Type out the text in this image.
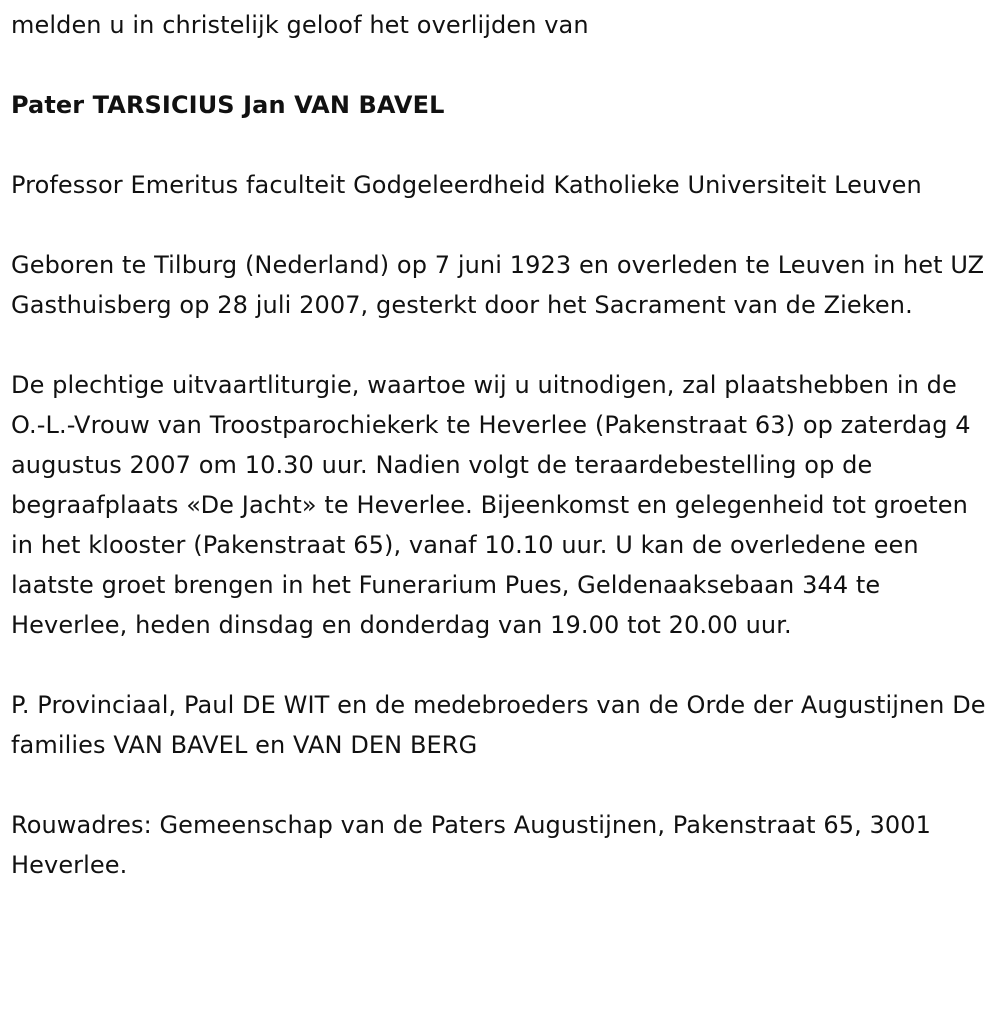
melden u in christelijk geloof het overlijden van

Pater TARSICIUS Jan VAN BAVEL

Professor Emeritus faculteit Godgeleerdheid Katholieke Universiteit Leuven

Geboren te Tilburg (Nederland) op 7 juni 1923 en overleden te Leuven in het UZ Gasthuisberg op 28 juli 2007, gesterkt door het Sacrament van de Zieken.

De plechtige uitvaartliturgie, waartoe wij u uitnodigen, zal plaatshebben in de O.-L.-Vrouw van Troostparochiekerk te Heverlee (Pakenstraat 63) op zaterdag 4 augustus 2007 om 10.30 uur. Nadien volgt de teraardebestelling op de begraafplaats «De Jacht» te Heverlee. Bijeenkomst en gelegenheid tot groeten in het klooster (Pakenstraat 65), vanaf 10.10 uur. U kan de overledene een laatste groet brengen in het Funerarium Pues, Geldenaaksebaan 344 te Heverlee, heden dinsdag en donderdag van 19.00 tot 20.00 uur.

P. Provinciaal, Paul DE WIT en de medebroeders van de Orde der Augustijnen De families VAN BAVEL en VAN DEN BERG

Rouwadres: Gemeenschap van de Paters Augustijnen, Pakenstraat 65, 3001 Heverlee.
